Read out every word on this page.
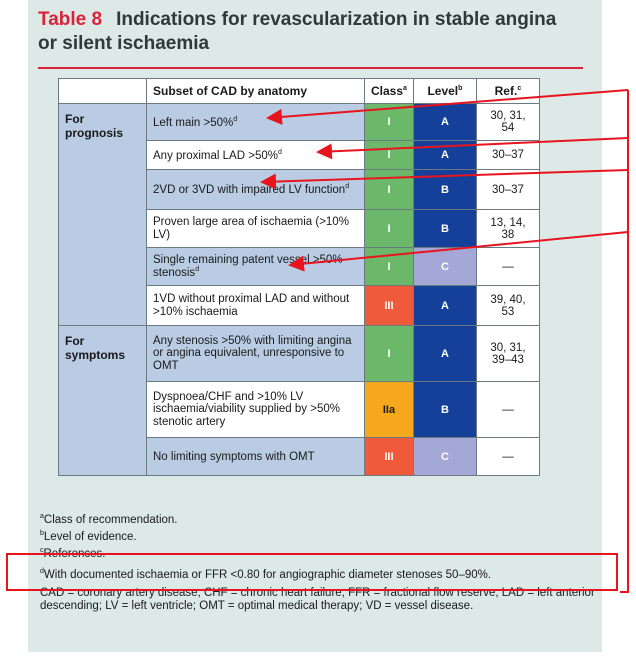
Table 8 Indications for revascularization in stable angina or silent ischaemia
	Subset of CAD by anatomy	Class$^a$	Level$^b$	Ref.$^c$
For prognosis	Left main >50%$^d$	I	A	30, 31, 54
	Any proximal LAD >50%$^d$	I	A	30–37
	2VD or 3VD with impaired LV function$^d$	I	B	30–37
	Proven large area of ischaemia (>10% LV)	I	B	13, 14, 38
	Single remaining patent vessel >50% stenosis$^d$	I	C	—
	1VD without proximal LAD and without >10% ischaemia	III	A	39, 40, 53
For symptoms	Any stenosis >50% with limiting angina or angina equivalent, unresponsive to OMT	I	A	30, 31, 39–43
	Dyspnoea/CHF and >10% LV ischaemia/viability supplied by >50% stenotic artery	IIa	B	—
	No limiting symptoms with OMT	III	C	—

$^a$Class of recommendation.

$^b$Level of evidence.

$^c$References.

$^d$With documented ischaemia or FFR <0.80 for angiographic diameter stenoses 50–90%.

CAD = coronary artery disease; CHF = chronic heart failure; FFR = fractional flow reserve; LAD = left anterior descending; LV = left ventricle; OMT = optimal medical therapy; VD = vessel disease.
